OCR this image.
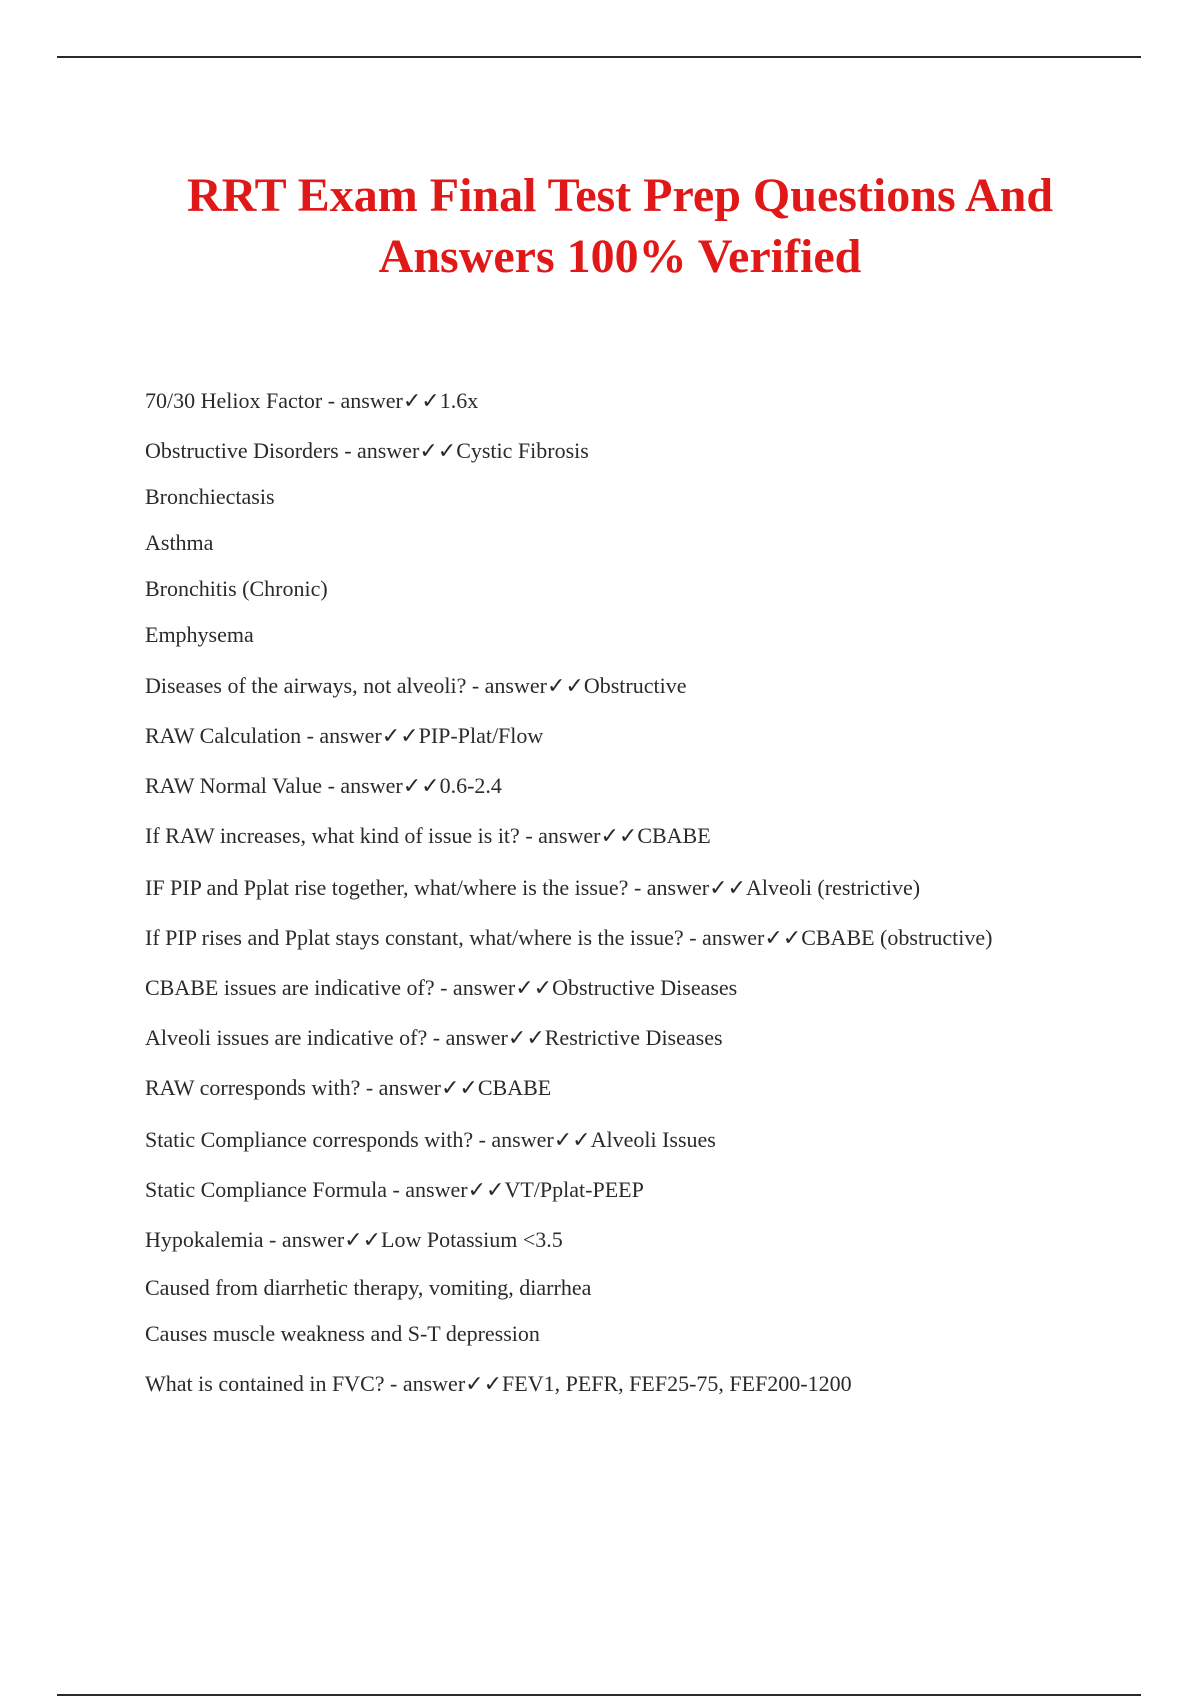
RRT Exam Final Test Prep Questions And
Answers 100% Verified
70/30 Heliox Factor - answer✓✓1.6x
Obstructive Disorders - answer✓✓Cystic Fibrosis
Bronchiectasis
Asthma
Bronchitis (Chronic)
Emphysema
Diseases of the airways, not alveoli? - answer✓✓Obstructive
RAW Calculation - answer✓✓PIP-Plat/Flow
RAW Normal Value - answer✓✓0.6-2.4
If RAW increases, what kind of issue is it? - answer✓✓CBABE
IF PIP and Pplat rise together, what/where is the issue? - answer✓✓Alveoli (restrictive)
If PIP rises and Pplat stays constant, what/where is the issue? - answer✓✓CBABE (obstructive)
CBABE issues are indicative of? - answer✓✓Obstructive Diseases
Alveoli issues are indicative of? - answer✓✓Restrictive Diseases
RAW corresponds with? - answer✓✓CBABE
Static Compliance corresponds with? - answer✓✓Alveoli Issues
Static Compliance Formula - answer✓✓VT/Pplat-PEEP
Hypokalemia - answer✓✓Low Potassium <3.5
Caused from diarrhetic therapy, vomiting, diarrhea
Causes muscle weakness and S-T depression
What is contained in FVC? - answer✓✓FEV1, PEFR, FEF25-75, FEF200-1200
